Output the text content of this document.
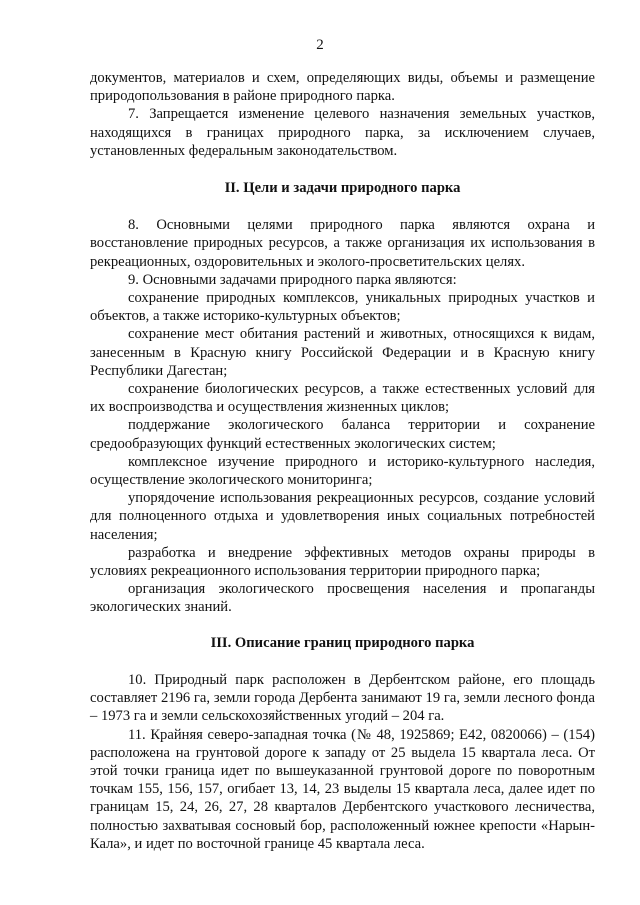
2

документов, материалов и схем, определяющих виды, объемы и размещение природопользования в районе природного парка.

7. Запрещается изменение целевого назначения земельных участков, находящихся в границах природного парка, за исключением случаев, установленных федеральным законодательством.

II. Цели и задачи природного парка

8. Основными целями природного парка являются охрана и восстановление природных ресурсов, а также организация их использования в рекреационных, оздоровительных и эколого-просветительских целях.

9. Основными задачами природного парка являются:

сохранение природных комплексов, уникальных природных участков и объектов, а также историко-культурных объектов;

сохранение мест обитания растений и животных, относящихся к видам, занесенным в Красную книгу Российской Федерации и в Красную книгу Республики Дагестан;

сохранение биологических ресурсов, а также естественных условий для их воспроизводства и осуществления жизненных циклов;

поддержание экологического баланса территории и сохранение средообразующих функций естественных экологических систем;

комплексное изучение природного и историко-культурного наследия, осуществление экологического мониторинга;

упорядочение использования рекреационных ресурсов, создание условий для полноценного отдыха и удовлетворения иных социальных потребностей населения;

разработка и внедрение эффективных методов охраны природы в условиях рекреационного использования территории природного парка;

организация экологического просвещения населения и пропаганды экологических знаний.

III. Описание границ природного парка

10. Природный парк расположен в Дербентском районе, его площадь составляет 2196 га, земли города Дербента занимают 19 га, земли лесного фонда – 1973 га и земли сельскохозяйственных угодий – 204 га.

11. Крайняя северо-западная точка (№ 48, 1925869; Е42, 0820066) – (154) расположена на грунтовой дороге к западу от 25 выдела 15 квартала леса. От этой точки граница идет по вышеуказанной грунтовой дороге по поворотным точкам 155, 156, 157, огибает 13, 14, 23 выделы 15 квартала леса, далее идет по границам 15, 24, 26, 27, 28 кварталов Дербентского участкового лесничества, полностью захватывая сосновый бор, расположенный южнее крепости «Нарын-Кала», и идет по восточной границе 45 квартала леса.
